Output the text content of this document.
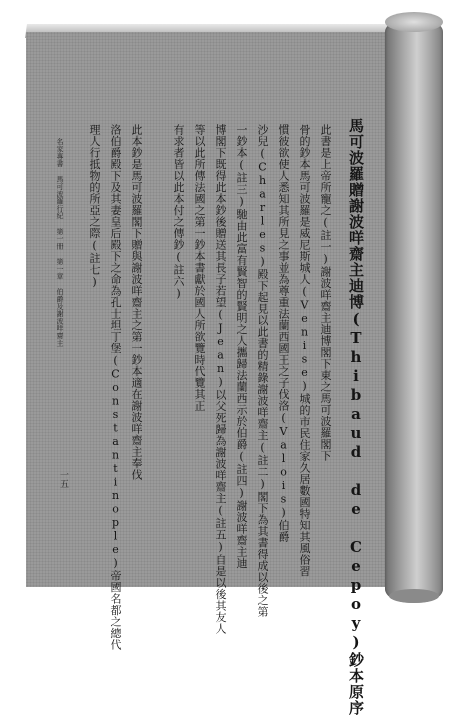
馬可波羅贈謝波咩齋主迪博(Thibaud de Cepoy)鈔本原序
此書是上帝所寵之(註一)謝波咩齋主迪博閣下東之馬可波羅閣下
骨的鈔本馬可波羅是威尼斯城人(Venise)城的市民住家久居數國特知其風俗習
慣彼欲使人悉知其所見之事並為尊重法蘭西國王之子伐洛(Valois)伯爵
沙兒(Charles)殿下起見以此書的精錄謝波咩齋主(註二)閣下為其書得成以後之第
一鈔本(註三)馳由此富有賢智的賢明之人攜歸法蘭西示於伯爵(註四)謝波咩齋主迪
博閣下既得此本鈔後贈送其長子若望(Jean)以父死歸為謝波咩齋主(註五)自是以後其友人
等以此所傳法國之第一鈔本書獻於國人所欲覽時代覽其正
有求者皆以此本付之傳鈔(註六)
此本鈔是馬可波羅閣下贈與謝波咩齋主之第一鈔本適在謝波咩齋主奉伐
洛伯爵殿下及其妻皇后殿下之命為孔士坦丁堡(Constantinople)帝國名都之總代
理人行抵物的所亞之際(註七)
名家專書 馬可波羅行紀 第一冊 第一章 伯爵及謝波咩齋主
一五
